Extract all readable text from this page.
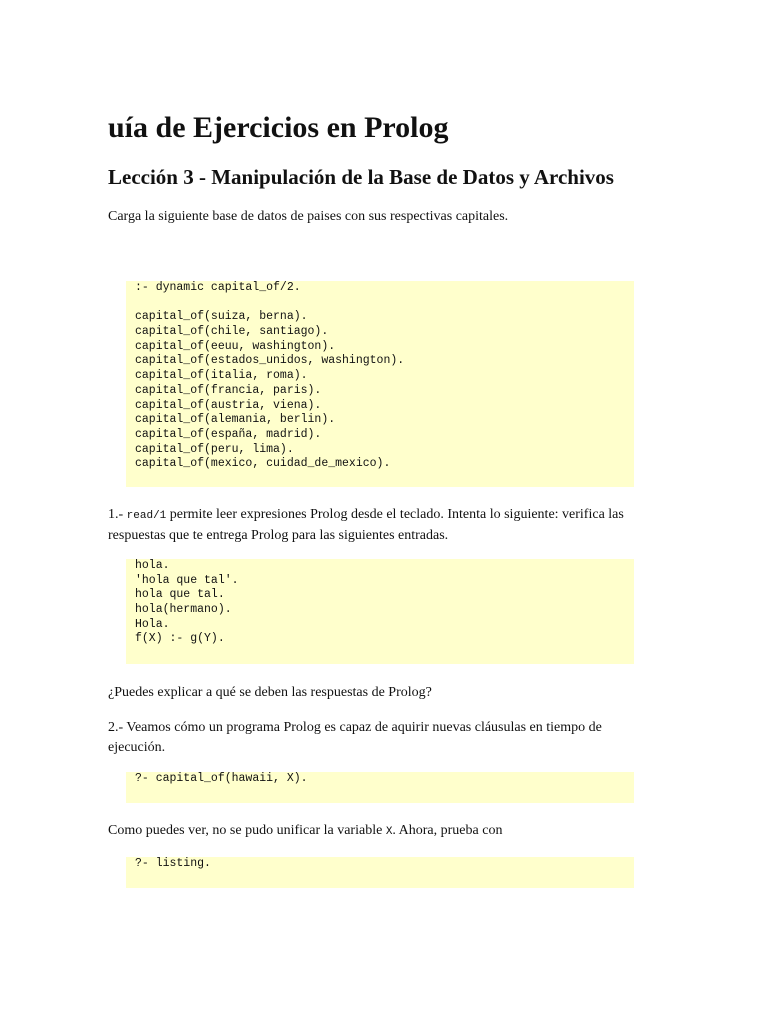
uía de Ejercicios en Prolog
Lección 3 - Manipulación de la Base de Datos y Archivos

Carga la siguiente base de datos de paises con sus respectivas capitales.

:- dynamic capital_of/2.
capital_of(suiza, berna).
capital_of(chile, santiago).
capital_of(eeuu, washington).
capital_of(estados_unidos, washington).
capital_of(italia, roma).
capital_of(francia, paris).
capital_of(austria, viena).
capital_of(alemania, berlin).
capital_of(españa, madrid).
capital_of(peru, lima).
capital_of(mexico, cuidad_de_mexico).

1.- read/1 permite leer expresiones Prolog desde el teclado. Intenta lo siguiente: verifica las respuestas que te entrega Prolog para las siguientes entradas.

hola.
'hola que tal'.
hola que tal.
hola(hermano).
Hola.
f(X) :- g(Y).

¿Puedes explicar a qué se deben las respuestas de Prolog?

2.- Veamos cómo un programa Prolog es capaz de aquirir nuevas cláusulas en tiempo de ejecución.

?- capital_of(hawaii, X).

Como puedes ver, no se pudo unificar la variable X. Ahora, prueba con

?- listing.
